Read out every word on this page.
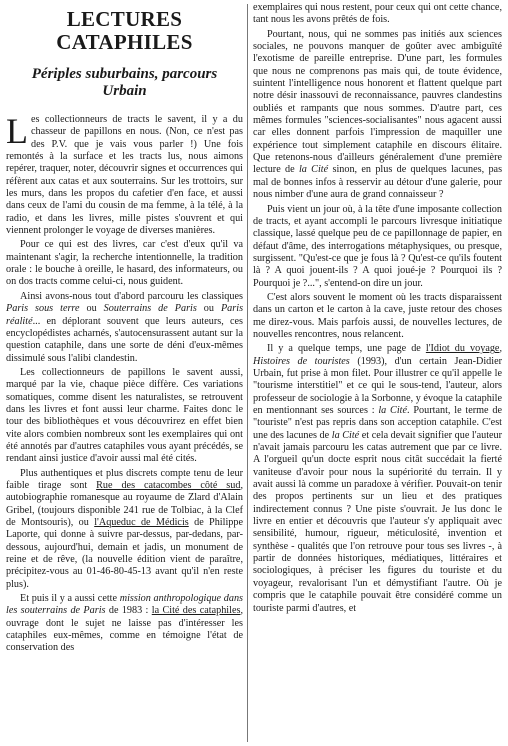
LECTURES
CATAPHILES
Périples suburbains, parcours
Urbain

Les collectionneurs de tracts le savent, il y a du chasseur de papillons en nous. (Non, ce n'est pas des P.V. que je vais vous parler !) Une fois remontés à la surface et les tracts lus, nous aimons repérer, traquer, noter, découvrir signes et occurrences qui réfèrent aux catas et aux souterrains. Sur les trottoirs, sur les murs, dans les propos du cafetier d'en face, et aussi dans ceux de l'ami du cousin de ma femme, à la télé, à la radio, et dans les livres, mille pistes s'ouvrent et qui viennent prolonger le voyage de diverses manières.

Pour ce qui est des livres, car c'est d'eux qu'il va maintenant s'agir, la recherche intentionnelle, la tradition orale : le bouche à oreille, le hasard, des informateurs, ou on dos tracts comme celui-ci, nous guident.

Ainsi avons-nous tout d'abord parcouru les classiques Paris sous terre ou Souterrains de Paris ou Paris réalité... en déplorant souvent que leurs auteurs, ces encyclopédistes acharnés, s'autocensurassent autant sur la question cataphile, dans une sorte de déni d'eux-mêmes dissimulé sous l'alibi clandestin.

Les collectionneurs de papillons le savent aussi, marqué par la vie, chaque pièce diffère. Ces variations somatiques, comme disent les naturalistes, se retrouvent dans les livres et font aussi leur charme. Faites donc le tour des bibliothèques et vous découvrirez en effet bien vite alors combien nombreux sont les exemplaires qui ont été annotés par d'autres cataphiles vous ayant précédés, se rendant ainsi justice d'avoir aussi mal été cités.

Plus authentiques et plus discrets compte tenu de leur faible tirage sont Rue des catacombes côté sud, autobiographie romanesque au royaume de Zlard d'Alain Gribel, (toujours disponible 241 rue de Tolbiac, à la Clef de Montsouris), ou l'Aqueduc de Médicis de Philippe Laporte, qui donne à suivre par-dessus, par-dedans, par-dessous, aujourd'hui, demain et jadis, un monument de reine et de rêve, (la nouvelle édition vient de paraître, précipitez-vous au 01-46-80-45-13 avant qu'il n'en reste plus).

Et puis il y a aussi cette mission anthropologique dans les souterrains de Paris de 1983 : la Cité des cataphiles, ouvrage dont le sujet ne laisse pas d'intéresser les cataphiles eux-mêmes, comme en témoigne l'état de conservation des

exemplaires qui nous restent, pour ceux qui ont cette chance, tant nous les avons prêtés de fois.

Pourtant, nous, qui ne sommes pas initiés aux sciences sociales, ne pouvons manquer de goûter avec ambiguïté l'exotisme de pareille entreprise. D'une part, les formules que nous ne comprenons pas mais qui, de toute évidence, suintent l'intelligence nous honorent et flattent quelque part notre désir inassouvi de reconnaissance, pauvres clandestins oubliés et rampants que nous sommes. D'autre part, ces mêmes formules "sciences-socialisantes" nous agacent aussi car elles donnent parfois l'impression de maquiller une expérience tout simplement cataphile en discours élitaire. Que retenons-nous d'ailleurs généralement d'une première lecture de la Cité sinon, en plus de quelques lacunes, pas mal de bonnes infos à resservir au détour d'une galerie, pour nous nimber d'une aura de grand connaisseur ?

Puis vient un jour où, à la tête d'une imposante collection de tracts, et ayant accompli le parcours livresque initiatique classique, lassé quelque peu de ce papillonnage de papier, en défaut d'âme, des interrogations métaphysiques, ou presque, surgissent. "Qu'est-ce que je fous là ? Qu'est-ce qu'ils foutent là ? A quoi jouent-ils ? A quoi joué-je ? Pourquoi ils ? Pourquoi je ?...", s'entend-on dire un jour.

C'est alors souvent le moment où les tracts disparaissent dans un carton et le carton à la cave, juste retour des choses me direz-vous. Mais parfois aussi, de nouvelles lectures, de nouvelles rencontres, nous relancent.

Il y a quelque temps, une page de l'Idiot du voyage, Histoires de touristes (1993), d'un certain Jean-Didier Urbain, fut prise à mon filet. Pour illustrer ce qu'il appelle le "tourisme interstitiel" et ce qui le sous-tend, l'auteur, alors professeur de sociologie à la Sorbonne, y évoque la cataphile en mentionnant ses sources : la Cité. Pourtant, le terme de "touriste" n'est pas repris dans son acception cataphile. C'est une des lacunes de la Cité et cela devait signifier que l'auteur n'avait jamais parcouru les catas autrement que par ce livre. A l'orgueil qu'un docte esprit nous citât succédait la fierté vaniteuse d'avoir pour nous la supériorité du terrain. Il y avait aussi là comme un paradoxe à vérifier. Pouvait-on tenir des propos pertinents sur un lieu et des pratiques indirectement connus ? Une piste s'ouvrait. Je lus donc le livre en entier et découvris que l'auteur s'y appliquait avec sensibilité, humour, rigueur, méticulosité, invention et synthèse - qualités que l'on retrouve pour tous ses livres -, à partir de données historiques, médiatiques, littéraires et sociologiques, à préciser les figures du touriste et du voyageur, revalorisant l'un et démystifiant l'autre. Où je compris que le cataphile pouvait être considéré comme un touriste parmi d'autres, et
